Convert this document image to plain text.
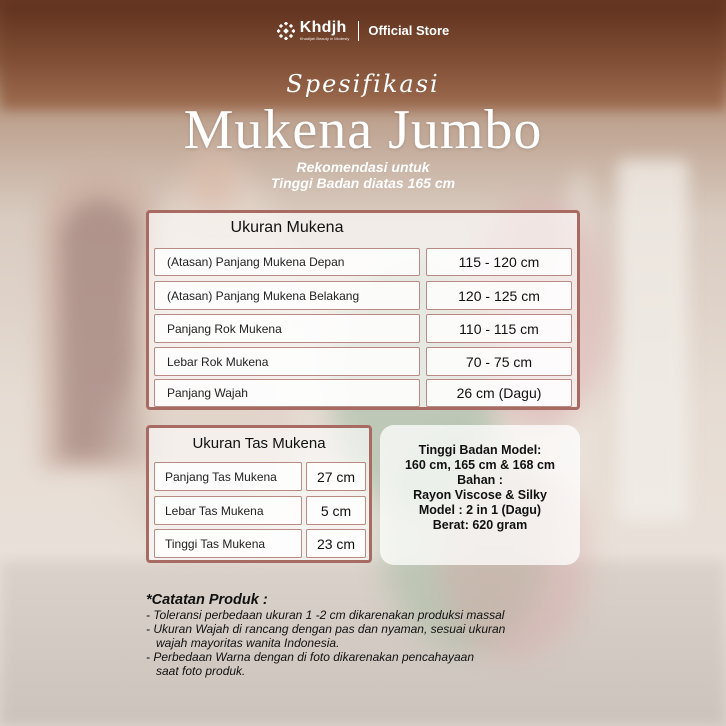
Khdjh
Khadijah Beauty in Modesty
Official Store
Spesifikasi
Mukena Jumbo
Rekomendasi untuk
Tinggi Badan diatas 165 cm
Ukuran Mukena
(Atasan) Panjang Mukena Depan	115 - 120 cm
(Atasan) Panjang Mukena Belakang	120 - 125 cm
Panjang Rok Mukena	110 - 115 cm
Lebar Rok Mukena	70 - 75 cm
Panjang Wajah	26 cm (Dagu)
Ukuran Tas Mukena
Panjang Tas Mukena	27 cm
Lebar Tas Mukena	5 cm
Tinggi Tas Mukena	23 cm
Tinggi Badan Model:
160 cm, 165 cm & 168 cm
Bahan :
Rayon Viscose & Silky
Model : 2 in 1 (Dagu)
Berat: 620 gram
*Catatan Produk :
- Toleransi perbedaan ukuran 1 -2 cm dikarenakan produksi massal
- Ukuran Wajah di rancang dengan pas dan nyaman, sesuai ukuran
wajah mayoritas wanita Indonesia.
- Perbedaan Warna dengan di foto dikarenakan pencahayaan
saat foto produk.
